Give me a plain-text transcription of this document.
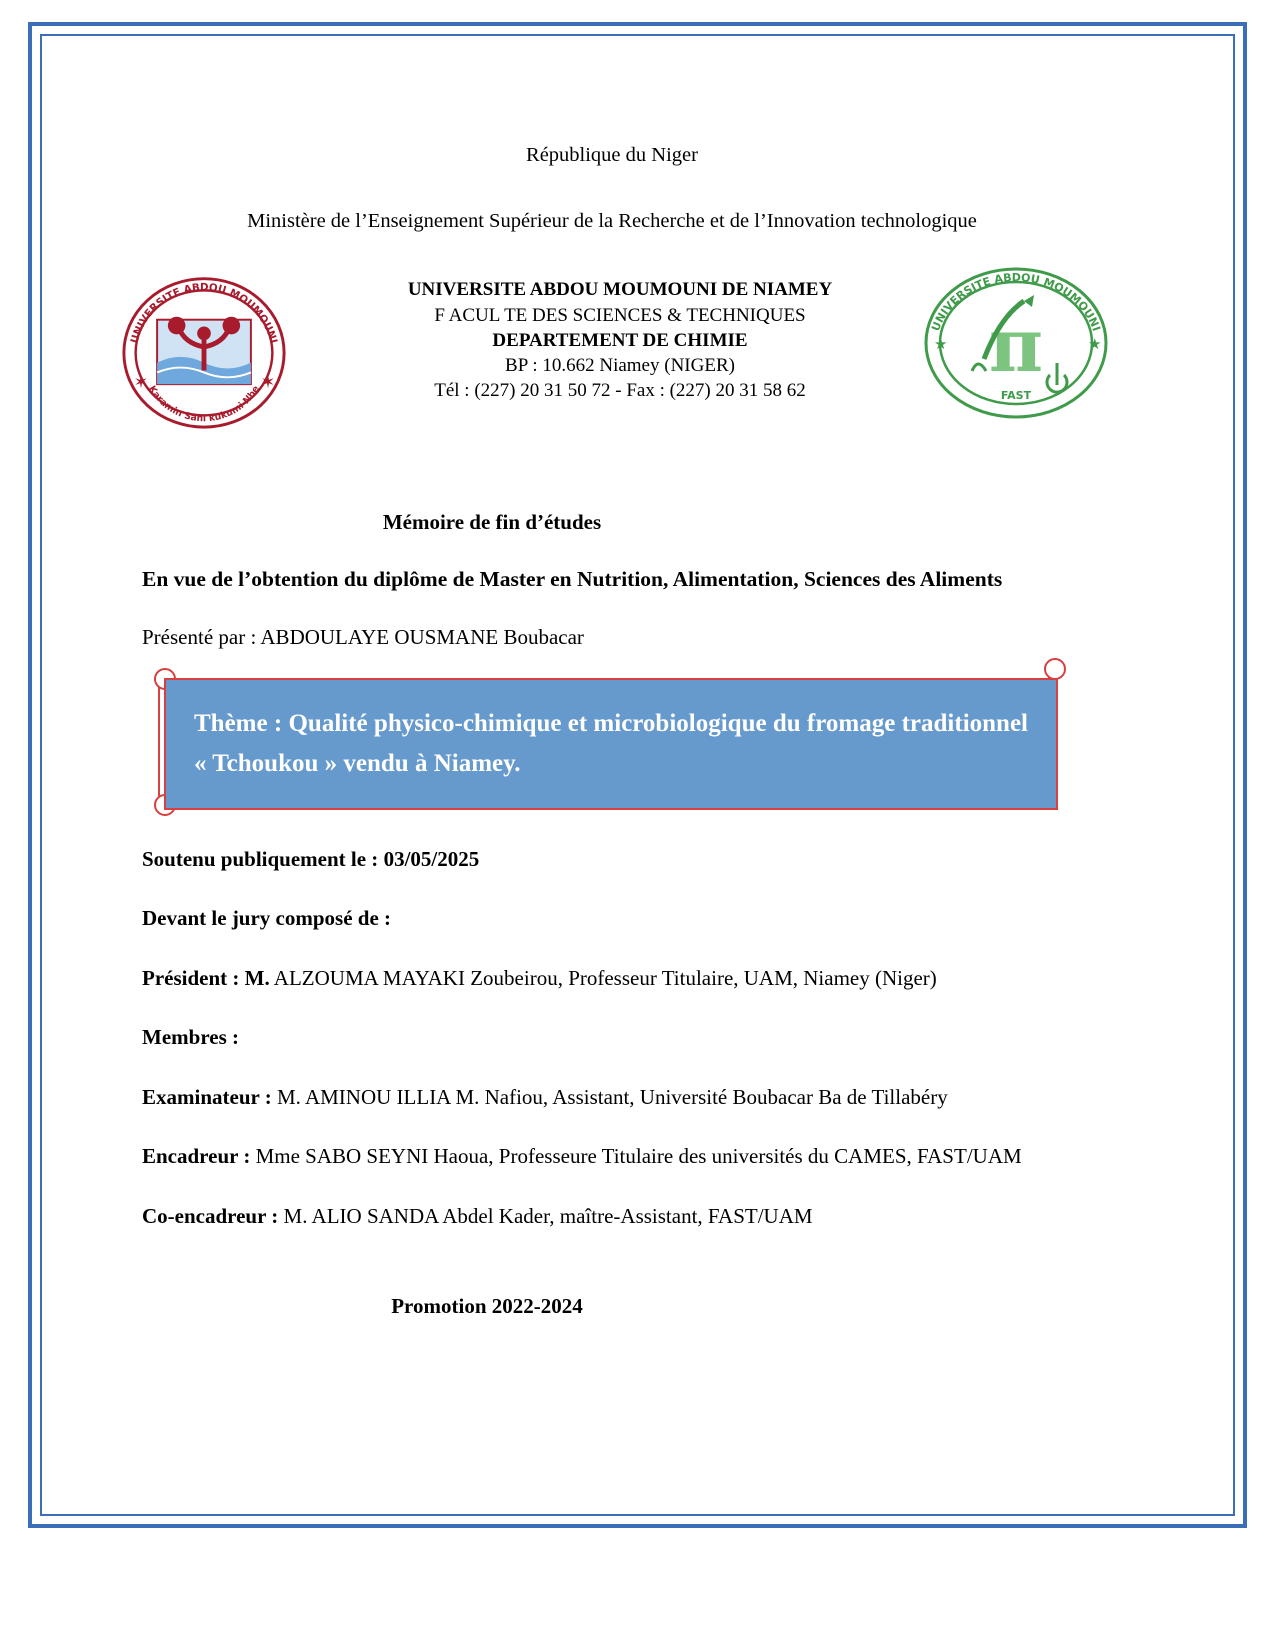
République du Niger
Ministère de l’Enseignement Supérieur de la Recherche et de l’Innovation technologique
UNIVERSITE ABDOU MOUMOUNI
Karamin Sani kukumi Nbe
✶	✶
UNIVERSITE ABDOU MOUMOUNI DE NIAMEY
F ACUL TE DES SCIENCES & TECHNIQUES
DEPARTEMENT DE CHIMIE
BP : 10.662 Niamey (NIGER)
Tél : (227) 20 31 50 72 - Fax : (227) 20 31 58 62
π
UNIVERSITE ABDOU MOUMOUNI
FAST
★	★
Mémoire de fin d’études
En vue de l’obtention du diplôme de Master en Nutrition, Alimentation, Sciences des Aliments
Présenté par : ABDOULAYE OUSMANE Boubacar
Thème : Qualité physico-chimique et microbiologique du fromage traditionnel « Tchoukou » vendu à Niamey.
Soutenu publiquement le : 03/05/2025
Devant le jury composé de :
Président : M. ALZOUMA MAYAKI Zoubeirou, Professeur Titulaire, UAM, Niamey (Niger)
Membres :
Examinateur : M. AMINOU ILLIA M. Nafiou, Assistant, Université Boubacar Ba de Tillabéry
Encadreur : Mme SABO SEYNI Haoua, Professeure Titulaire des universités du CAMES, FAST/UAM
Co-encadreur : M. ALIO SANDA Abdel Kader, maître-Assistant, FAST/UAM
Promotion 2022-2024
